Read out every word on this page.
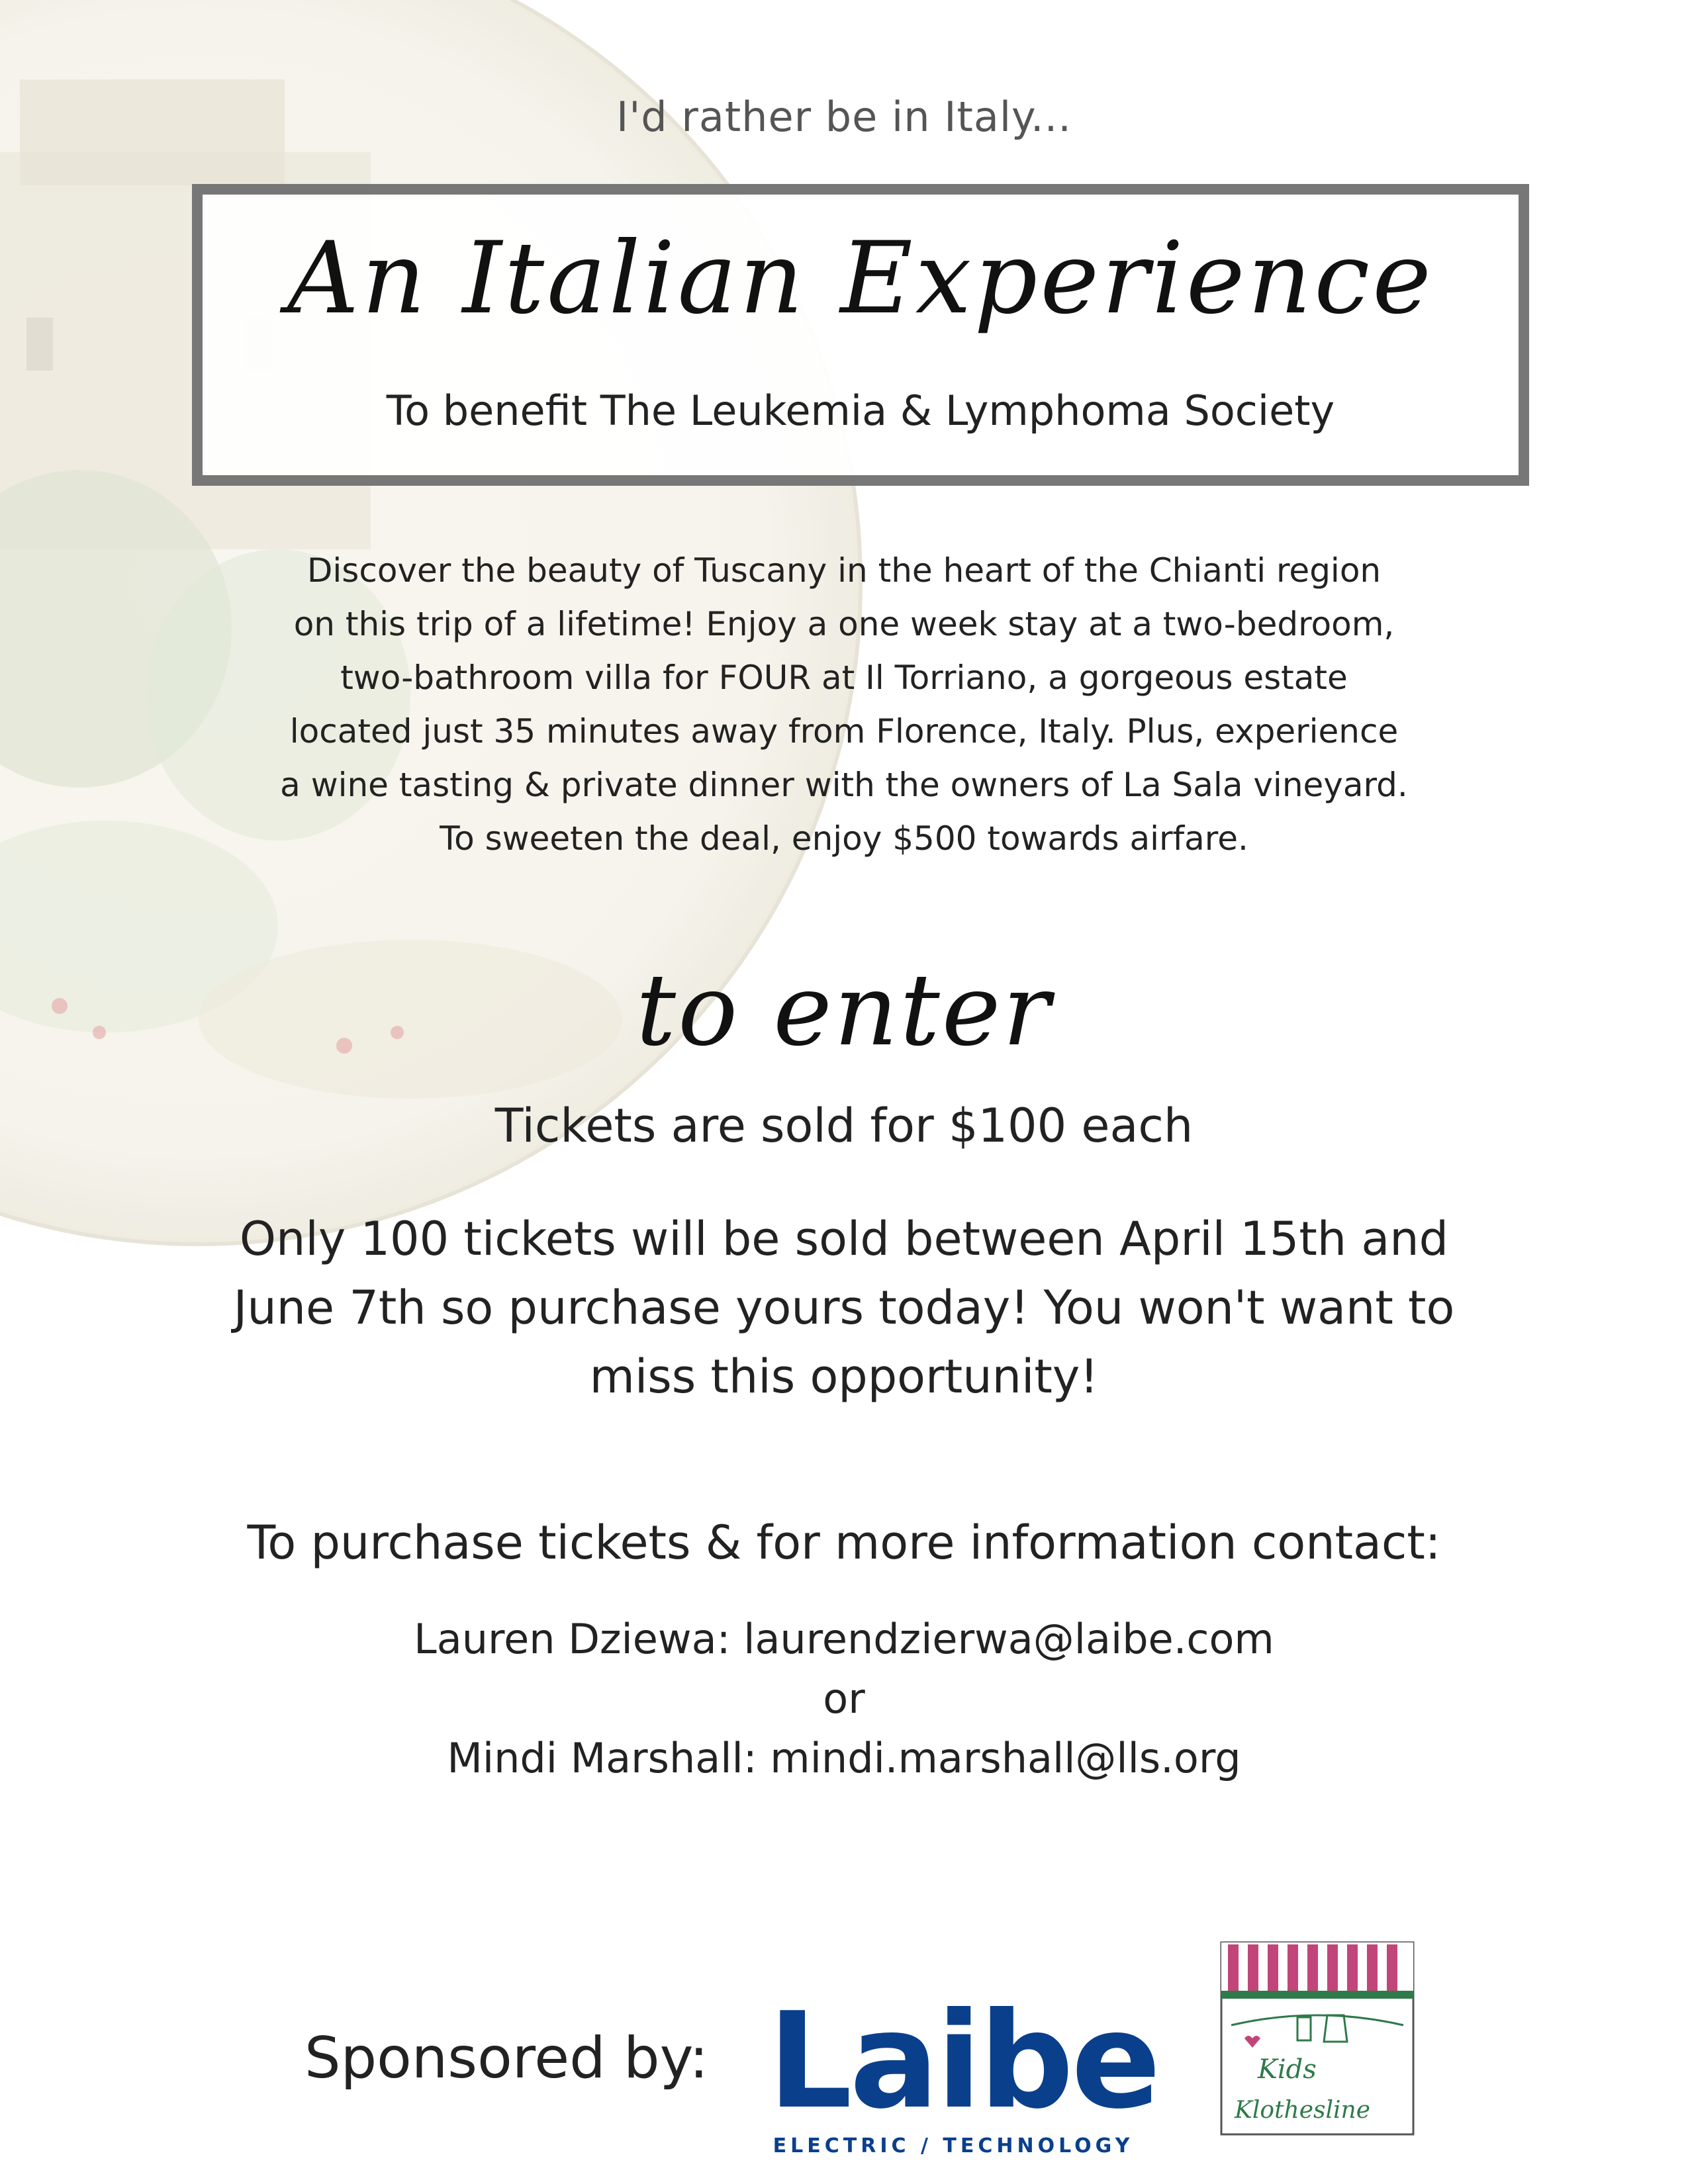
I'd rather be in Italy...
An Italian Experience
To benefit The Leukemia & Lymphoma Society
Discover the beauty of Tuscany in the heart of the Chianti region
on this trip of a lifetime! Enjoy a one week stay at a two-bedroom,
two-bathroom villa for FOUR at Il Torriano, a gorgeous estate
located just 35 minutes away from Florence, Italy. Plus, experience
a wine tasting & private dinner with the owners of La Sala vineyard.
To sweeten the deal, enjoy $500 towards airfare.
to enter
Tickets are sold for $100 each
Only 100 tickets will be sold between April 15th and
June 7th so purchase yours today! You won't want to
miss this opportunity!
To purchase tickets & for more information contact:
Lauren Dziewa: laurendzierwa@laibe.com
or
Mindi Marshall: mindi.marshall@lls.org
Sponsored by: Laibe
ELECTRIC / TECHNOLOGY
Kids
Klothesline
